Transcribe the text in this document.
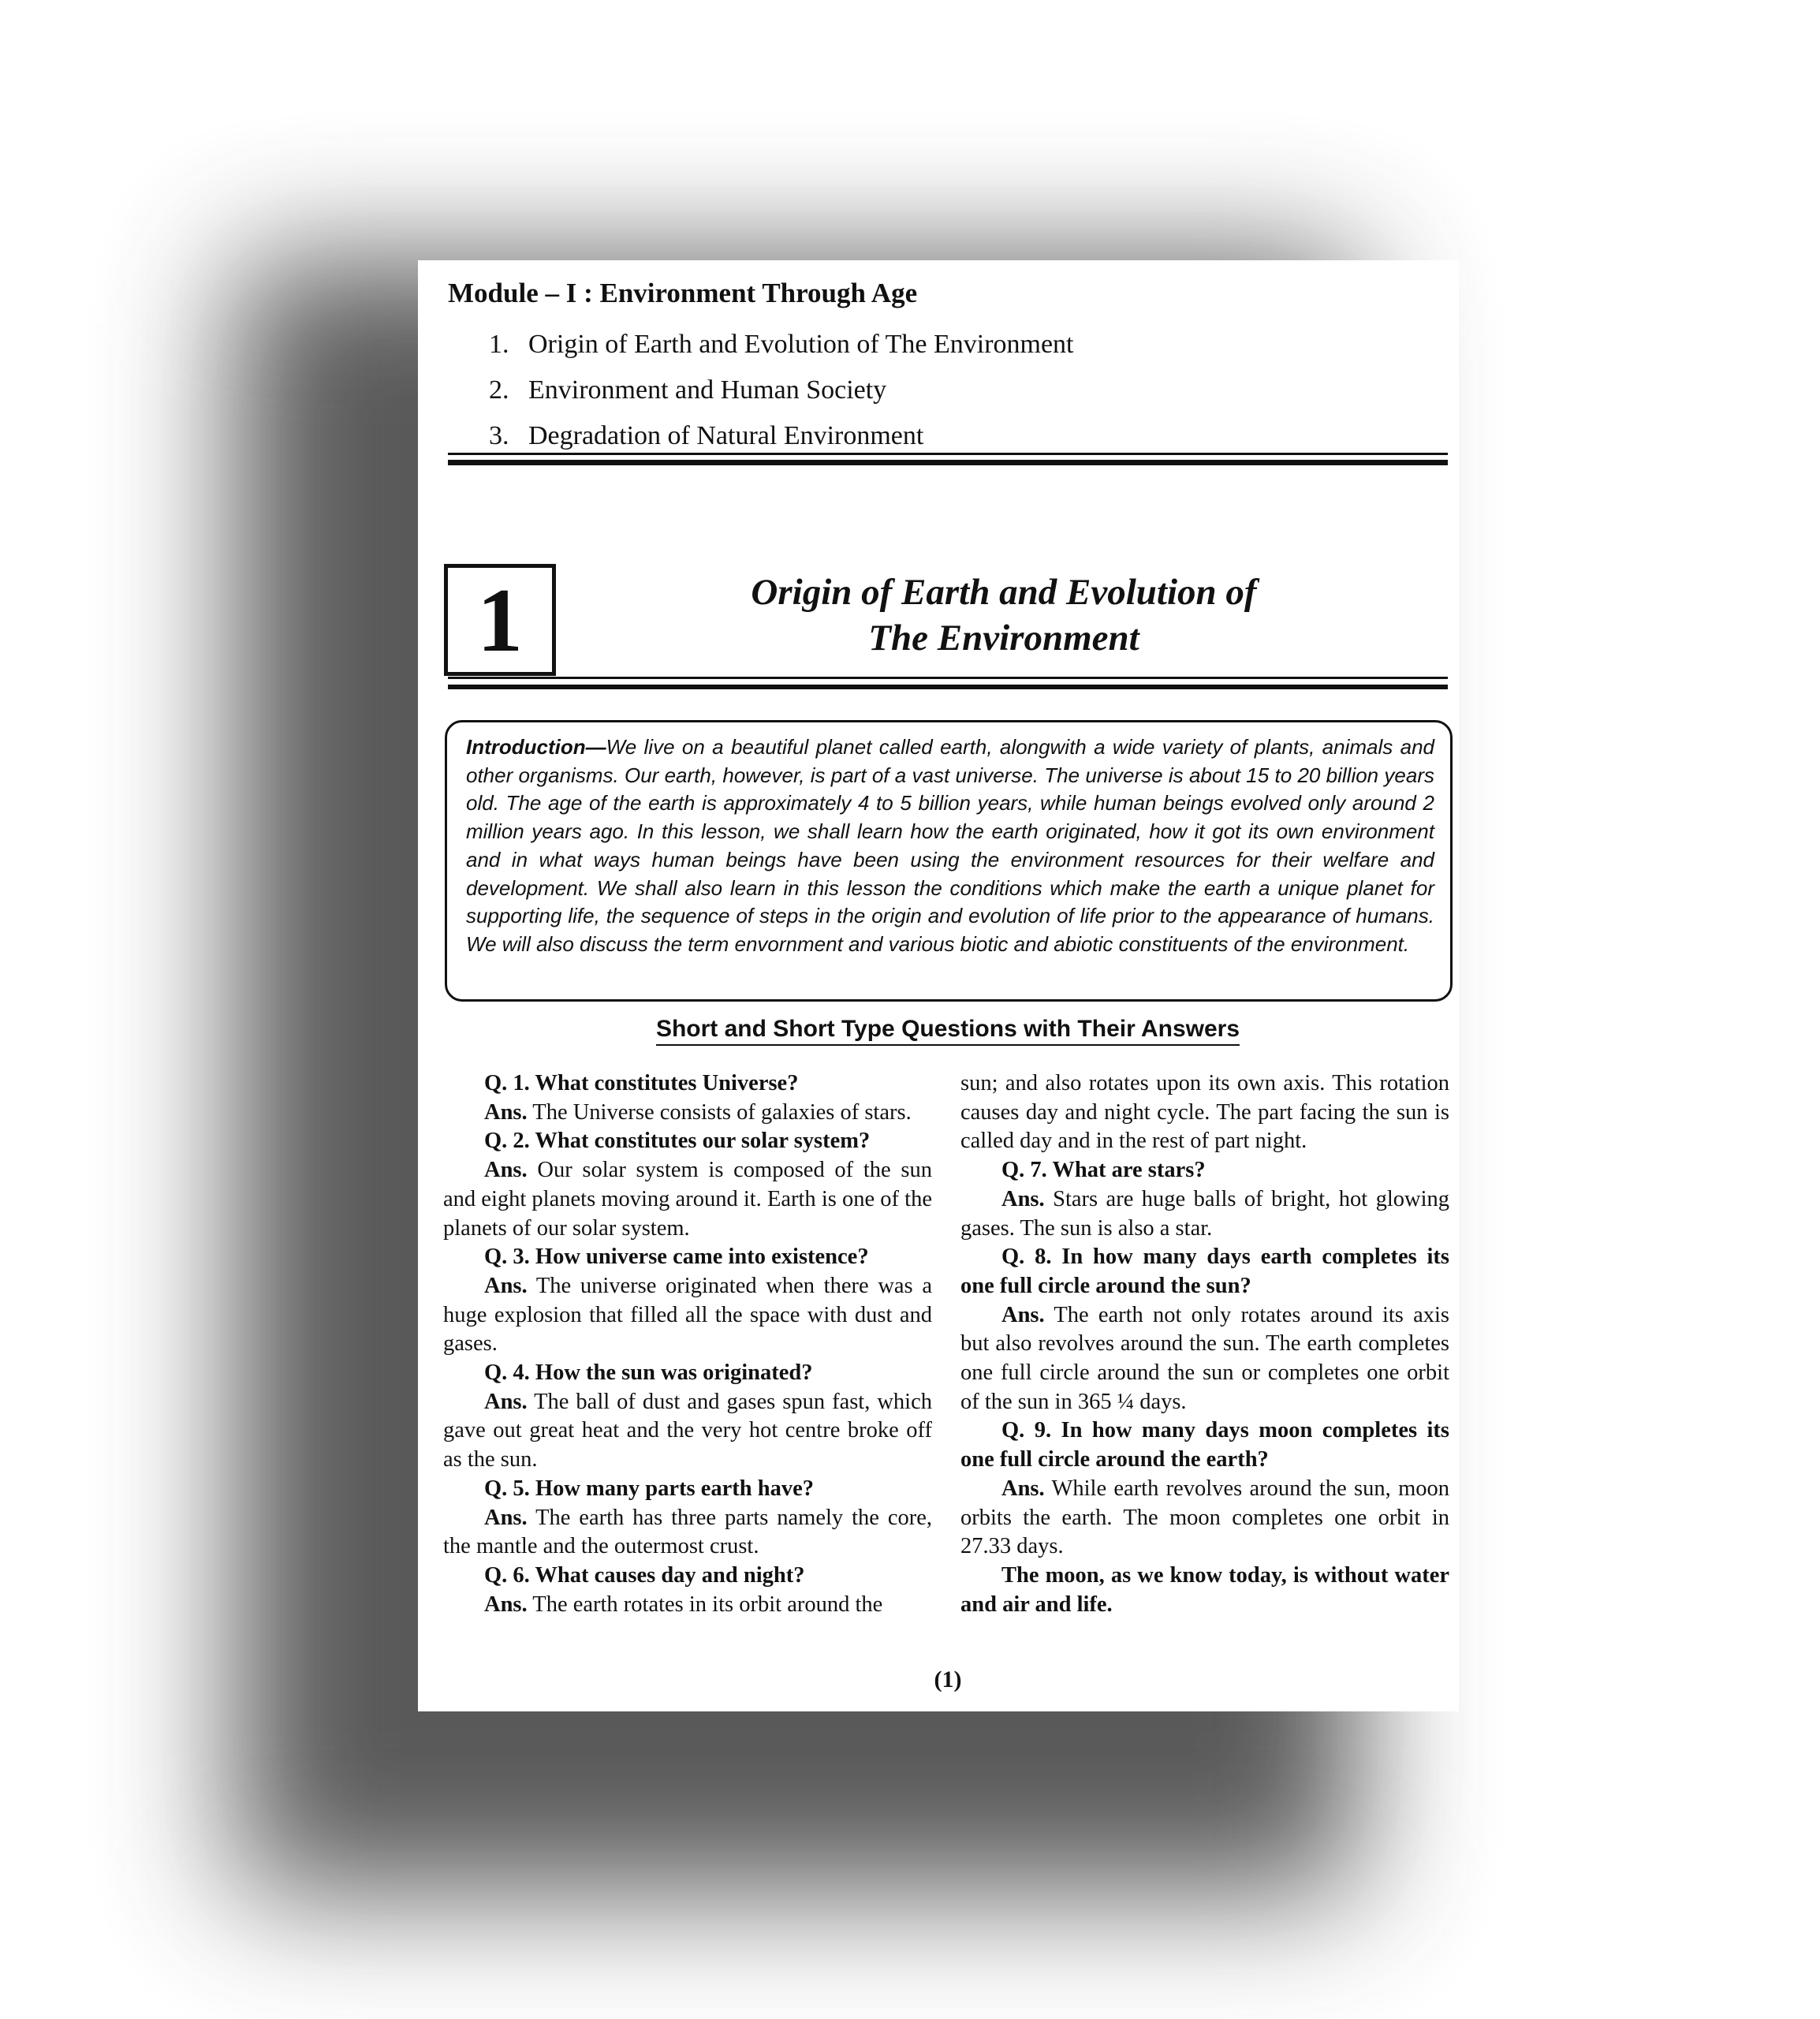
Module – I : Environment Through Age
1. Origin of Earth and Evolution of The Environment
2. Environment and Human Society
3. Degradation of Natural Environment
1	Origin of Earth and Evolution of
The Environment
Introduction—We live on a beautiful planet called earth, alongwith a wide variety of plants, animals and other organisms. Our earth, however, is part of a vast universe. The universe is about 15 to 20 billion years old. The age of the earth is approximately 4 to 5 billion years, while human beings evolved only around 2 million years ago. In this lesson, we shall learn how the earth originated, how it got its own environment and in what ways human beings have been using the environment resources for their welfare and development. We shall also learn in this lesson the conditions which make the earth a unique planet for supporting life, the sequence of steps in the origin and evolution of life prior to the appearance of humans. We will also discuss the term envornment and various biotic and abiotic constituents of the environment.
Short and Short Type Questions with Their Answers

Q. 1. What constitutes Universe?

Ans. The Universe consists of galaxies of stars.

Q. 2. What constitutes our solar system?

Ans. Our solar system is composed of the sun and eight planets moving around it. Earth is one of the planets of our solar system.

Q. 3. How universe came into existence?

Ans. The universe originated when there was a huge explosion that filled all the space with dust and gases.

Q. 4. How the sun was originated?

Ans. The ball of dust and gases spun fast, which gave out great heat and the very hot centre broke off as the sun.

Q. 5. How many parts earth have?

Ans. The earth has three parts namely the core, the mantle and the outermost crust.

Q. 6. What causes day and night?

Ans. The earth rotates in its orbit around the

sun; and also rotates upon its own axis. This rotation causes day and night cycle. The part facing the sun is called day and in the rest of part night.

Q. 7. What are stars?

Ans. Stars are huge balls of bright, hot glowing gases. The sun is also a star.

Q. 8. In how many days earth completes its one full circle around the sun?

Ans. The earth not only rotates around its axis but also revolves around the sun. The earth completes one full circle around the sun or completes one orbit of the sun in 365 ¼ days.

Q. 9. In how many days moon completes its one full circle around the earth?

Ans. While earth revolves around the sun, moon orbits the earth. The moon completes one orbit in 27.33 days.

The moon, as we know today, is without water and air and life.

(1)
